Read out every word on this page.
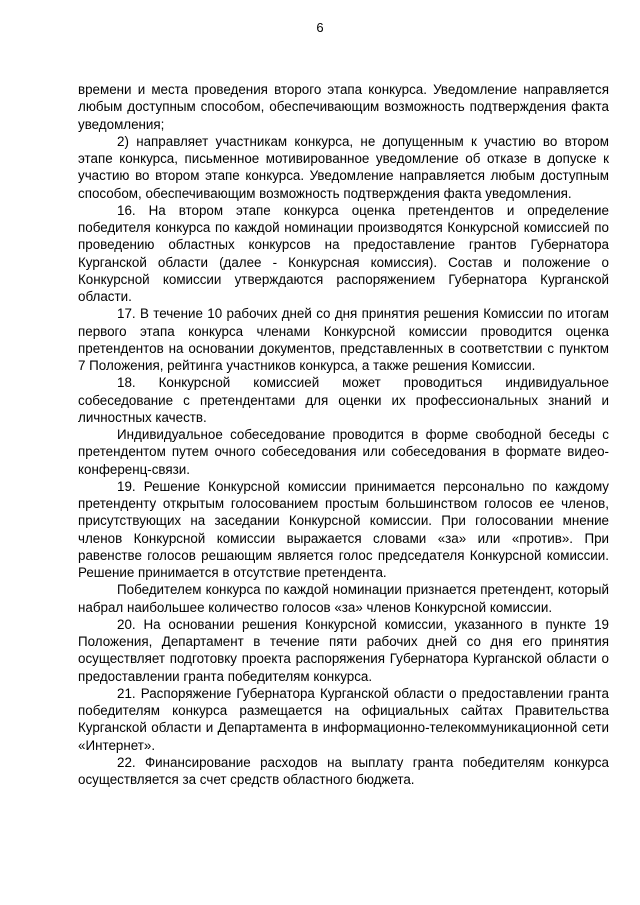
6

времени и места проведения второго этапа конкурса. Уведомление направляется любым доступным способом, обеспечивающим возможность подтверждения факта уведомления;

2) направляет участникам конкурса, не допущенным к участию во втором этапе конкурса, письменное мотивированное уведомление об отказе в допуске к участию во втором этапе конкурса. Уведомление направляется любым доступным способом, обеспечивающим возможность подтверждения факта уведомления.

16. На втором этапе конкурса оценка претендентов и определение победителя конкурса по каждой номинации производятся Конкурсной комиссией по проведению областных конкурсов на предоставление грантов Губернатора Курганской области (далее - Конкурсная комиссия). Состав и положение о Конкурсной комиссии утверждаются распоряжением Губернатора Курганской области.

17. В течение 10 рабочих дней со дня принятия решения Комиссии по итогам первого этапа конкурса членами Конкурсной комиссии проводится оценка претендентов на основании документов, представленных в соответствии с пунктом 7 Положения, рейтинга участников конкурса, а также решения Комиссии.

18. Конкурсной комиссией может проводиться индивидуальное собеседование с претендентами для оценки их профессиональных знаний и личностных качеств.

Индивидуальное собеседование проводится в форме свободной беседы с претендентом путем очного собеседования или собеседования в формате видео-конференц-связи.

19. Решение Конкурсной комиссии принимается персонально по каждому претенденту открытым голосованием простым большинством голосов ее членов, присутствующих на заседании Конкурсной комиссии. При голосовании мнение членов Конкурсной комиссии выражается словами «за» или «против». При равенстве голосов решающим является голос председателя Конкурсной комиссии. Решение принимается в отсутствие претендента.

Победителем конкурса по каждой номинации признается претендент, который набрал наибольшее количество голосов «за» членов Конкурсной комиссии.

20. На основании решения Конкурсной комиссии, указанного в пункте 19 Положения, Департамент в течение пяти рабочих дней со дня его принятия осуществляет подготовку проекта распоряжения Губернатора Курганской области о предоставлении гранта победителям конкурса.

21. Распоряжение Губернатора Курганской области о предоставлении гранта победителям конкурса размещается на официальных сайтах Правительства Курганской области и Департамента в информационно-телекоммуникационной сети «Интернет».

22. Финансирование расходов на выплату гранта победителям конкурса осуществляется за счет средств областного бюджета.
